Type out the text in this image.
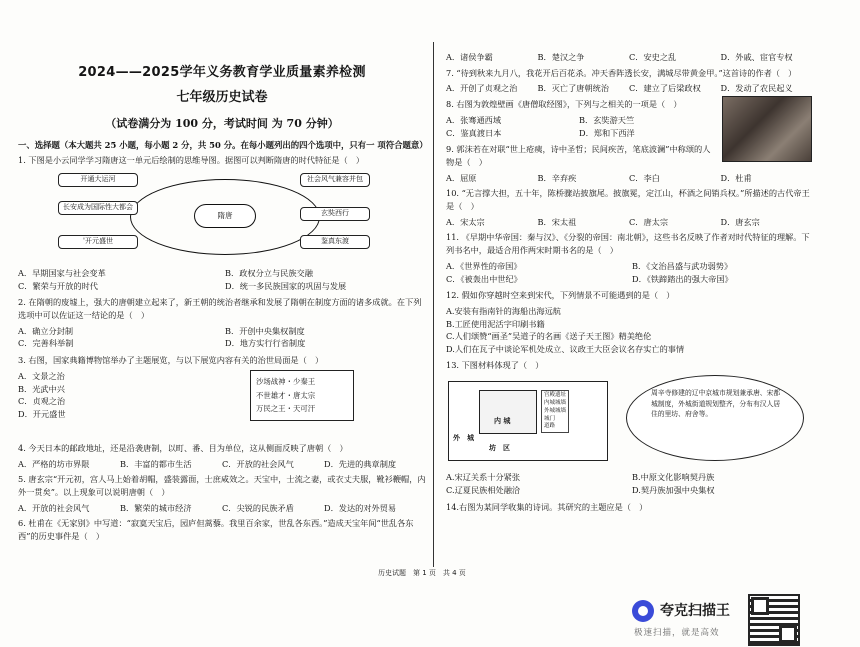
2024——2025学年义务教育学业质量素养检测
七年级历史试卷
（试卷满分为 100 分，考试时间 为 70 分钟）
一、选择题（本大题共 25 小题，每小题 2 分，共 50 分。在每小题列出的四个选项中，只有一 项符合题意）
1. 下图是小云同学学习隋唐这一单元后绘制的思维导图。据图可以判断隋唐的时代特征是（　）
隋唐
开通大运河
长安成为国际性大都会
'开元盛世
社会风气兼容并包
玄奘西行
鉴真东渡
A．早期国家与社会变革	B．政权分立与民族交融
C．繁荣与开放的时代	D．统一多民族国家的巩固与发展
2. 在隋朝的废墟上，强大的唐朝建立起来了，新王朝的统治者继承和发展了隋朝在制度方面的诸多成就。在下列选项中可以佐证这一结论的是（　）
A．确立分封制	B．开创中央集权制度
C．完善科举制	D．地方实行行省制度
3. 右图，国家典籍博物馆举办了主题展览，与以下展览内容有关的治世局面是（　）
A．文景之治
B．光武中兴
C．贞观之治
D．开元盛世
沙场战神・少秦王
不世雄才・唐太宗
万民之王・天可汗
4. 今天日本的邮政地址，还是沿袭唐制，以町、番、目为单位，这从侧面反映了唐朝（　）
A．严格的坊市界限	B．丰富的都市生活	C．开放的社会风气	D．先进的典章制度
5. 唐玄宗“开元初，宫人马上始着胡帽，盛装露面，士庶咸效之。天宝中，士流之妻，或衣丈夫服，靴衫鞭帽，内外一贯矣”。以上现象可以说明唐朝（　）
A．开放的社会风气	B．繁荣的城市经济	C．尖锐的民族矛盾	D．发达的对外贸易
6. 杜甫在《无家别》中写道：“寂寞天宝后，园庐但蒿藜。我里百余家，世乱各东西。”造成天宝年间“世乱各东西”的历史事件是（　）
A．诸侯争霸	B．楚汉之争	C．安史之乱	D．外戚、宦官专权
7. “待到秋来九月八，我花开后百花杀。冲天香阵透长安，满城尽带黄金甲。”这首诗的作者（　）
A．开创了贞观之治	B．灭亡了唐朝统治	C．建立了后梁政权	D．发动了农民起义
8. 右图为敦煌壁画《唐僧取经图》，下列与之相关的一项是（　）
A．张骞通西域	B．玄奘游天竺
C．鉴真渡日本	D．郑和下西洋
9. 郭沫若在对联“世上疮痍，诗中圣哲；民间疾苦，笔底波澜”中称颂的人物是（　）
A．屈原	B．辛弃疾	C．李白	D．杜甫
10. “无言撑大担，五十年，陈桥骤站披旗尾。披旗冕，定江山，杯酒之间销兵权。”所描述的古代帝王是（　）
A．宋太宗	B．宋太祖	C．唐太宗	D．唐玄宗
11. 《早期中华帝国：秦与汉》、《分裂的帝国：南北朝》，这些书名反映了作者对时代特征的理解。下列书名中，最适合用作两宋时期书名的是（　）
A．《世界性的帝国》	B．《文治昌盛与武功弱势》
C．《被轰出中世纪》	D．《铁蹄踏出的强大帝国》
12. 假如你穿越时空来到宋代，下列情景不可能遇到的是（　）
A.安装有指南针的海船出海远航
B.工匠使用泥活字印刷书籍
C.人们颂赞“画圣”吴道子的名画《送子天王图》精美绝伦
D.人们在瓦子中谈论军机处成立、议政王大臣会议名存实亡的事情
13. 下图材料体现了（　）
内 城
宫殿遗址
内城城墙
外城城墙
城门
道路
外　城
坊　区
周辛寺修建的辽中京城市规划兼承唐、宋都城制度，外城街道规划整齐，分布有汉人居住的里坊、府舍等。
A.宋辽关系十分紧张	B.中原文化影响契丹族
C.辽夏民族相处融洽	D.契丹族加强中央集权
14.右图为某同学收集的诗词。其研究的主题应是（　）
历史试题　第 1 页　共 4 页
夸克扫描王
极速扫描，就是高效
